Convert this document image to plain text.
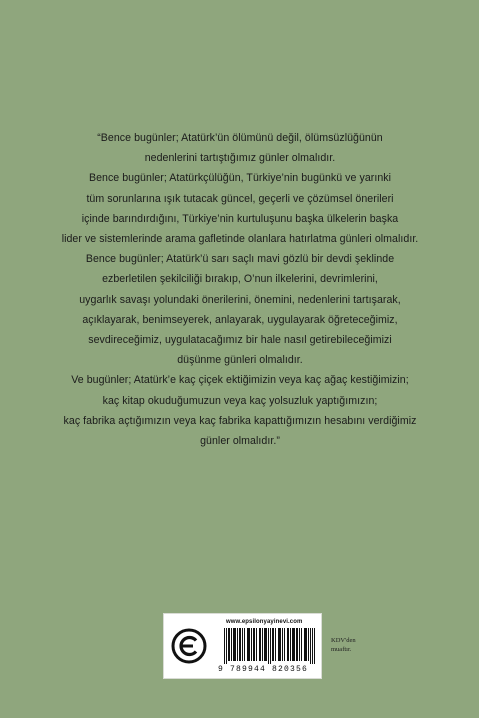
“Bence bugünler; Atatürk’ün ölümünü değil, ölümsüzlüğünün
nedenlerini tartıştığımız günler olmalıdır.
Bence bugünler; Atatürkçülüğün, Türkiye’nin bugünkü ve yarınki
tüm sorunlarına ışık tutacak güncel, geçerli ve çözümsel önerileri
içinde barındırdığını, Türkiye’nin kurtuluşunu başka ülkelerin başka
lider ve sistemlerinde arama gafletinde olanlara hatırlatma günleri olmalıdır.
Bence bugünler; Atatürk’ü sarı saçlı mavi gözlü bir devdi şeklinde
ezberletilen şekilciliği bırakıp, O’nun ilkelerini, devrimlerini,
uygarlık savaşı yolundaki önerilerini, önemini, nedenlerini tartışarak,
açıklayarak, benimseyerek, anlayarak, uygulayarak öğreteceğimiz,
sevdireceğimiz, uygulatacağımız bir hale nasıl getirebileceğimizi
düşünme günleri olmalıdır.
Ve bugünler; Atatürk’e kaç çiçek ektiğimizin veya kaç ağaç kestiğimizin;
kaç kitap okuduğumuzun veya kaç yolsuzluk yaptığımızın;
kaç fabrika açtığımızın veya kaç fabrika kapattığımızın hesabını verdiğimiz
günler olmalıdır.”
www.epsilonyayinevi.com
9 789944 820356
KDV'den
muaftır.
